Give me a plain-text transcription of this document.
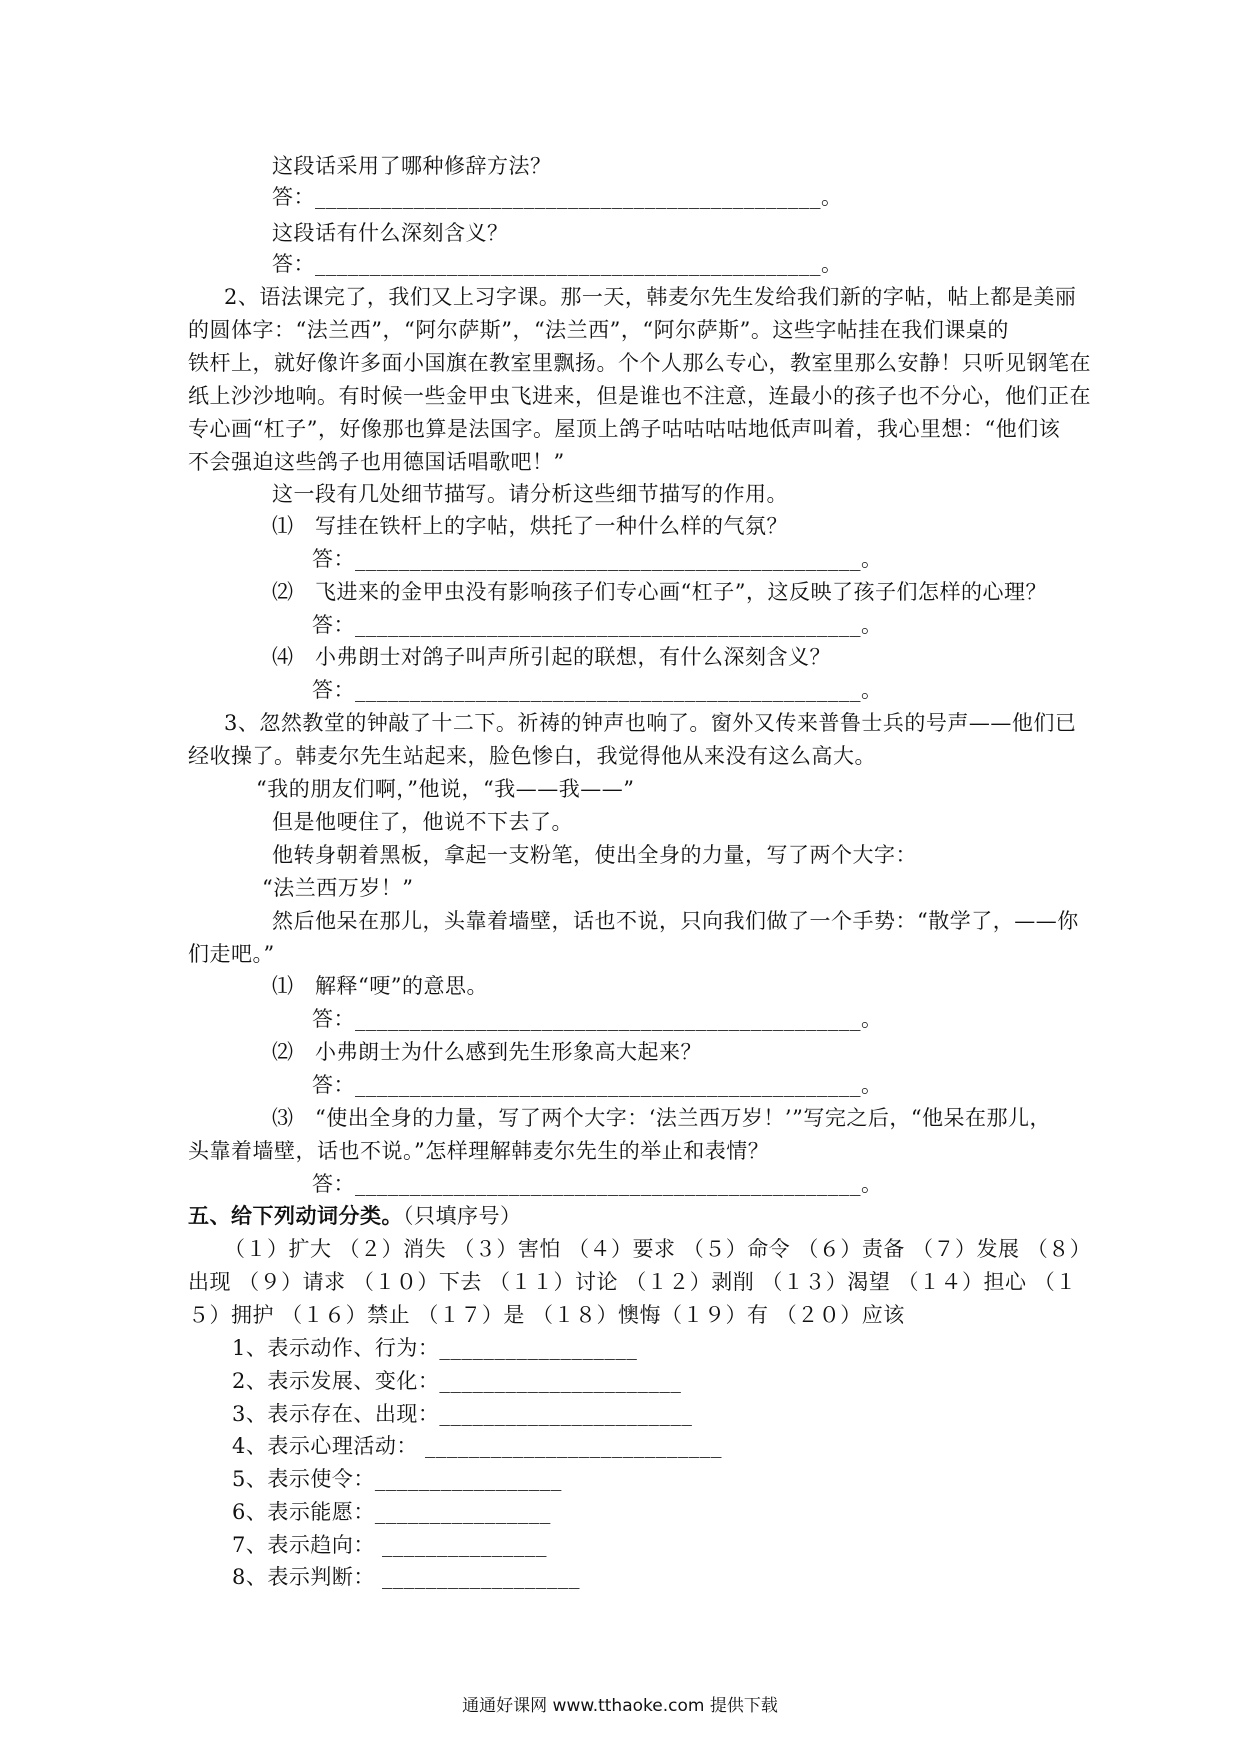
这段话采用了哪种修辞方法？
答：______________________________________________。
这段话有什么深刻含义？
答：______________________________________________。
2、语法课完了，我们又上习字课。那一天，韩麦尔先生发给我们新的字帖，帖上都是美丽
的圆体字：“法兰西”，“阿尔萨斯”，“法兰西”，“阿尔萨斯”。这些字帖挂在我们课桌的
铁杆上，就好像许多面小国旗在教室里飘扬。个个人那么专心，教室里那么安静！只听见钢笔在
纸上沙沙地响。有时候一些金甲虫飞进来，但是谁也不注意，连最小的孩子也不分心，他们正在
专心画“杠子”，好像那也算是法国字。屋顶上鸽子咕咕咕咕地低声叫着，我心里想：“他们该
不会强迫这些鸽子也用德国话唱歌吧！”
这一段有几处细节描写。请分析这些细节描写的作用。
⑴　写挂在铁杆上的字帖，烘托了一种什么样的气氛？
答：______________________________________________。
⑵　飞进来的金甲虫没有影响孩子们专心画“杠子”，这反映了孩子们怎样的心理？
答：______________________________________________。
⑷　小弗朗士对鸽子叫声所引起的联想，有什么深刻含义？
答：______________________________________________。
3、忽然教堂的钟敲了十二下。祈祷的钟声也响了。窗外又传来普鲁士兵的号声——他们已
经收操了。韩麦尔先生站起来，脸色惨白，我觉得他从来没有这么高大。
“我的朋友们啊，”他说，“我——我——”
但是他哽住了，他说不下去了。
他转身朝着黑板，拿起一支粉笔，使出全身的力量，写了两个大字：
“法兰西万岁！”
然后他呆在那儿，头靠着墙壁，话也不说，只向我们做了一个手势：“散学了，——你
们走吧。”
⑴　解释“哽”的意思。
答：______________________________________________。
⑵　小弗朗士为什么感到先生形象高大起来？
答：______________________________________________。
⑶　“使出全身的力量，写了两个大字：‘法兰西万岁！’”写完之后，“他呆在那儿，
头靠着墙壁，话也不说。”怎样理解韩麦尔先生的举止和表情？
答：______________________________________________。
五、给下列动词分类。（只填序号）
（１）扩大 （２）消失 （３）害怕 （４）要求 （５）命令 （６）责备 （７）发展 （８）
出现 （９）请求 （１０）下去 （１１）讨论 （１２）剥削 （１３）渴望 （１４）担心 （１
５）拥护 （１６）禁止 （１７）是 （１８）懊悔（１９）有 （２０）应该
1、表示动作、行为：__________________
2、表示发展、变化：______________________
3、表示存在、出现：_______________________
4、表示心理活动： ___________________________
5、表示使令：_________________
6、表示能愿：________________
7、表示趋向： _______________
8、表示判断： __________________
通通好课网 www.tthaoke.com 提供下载
